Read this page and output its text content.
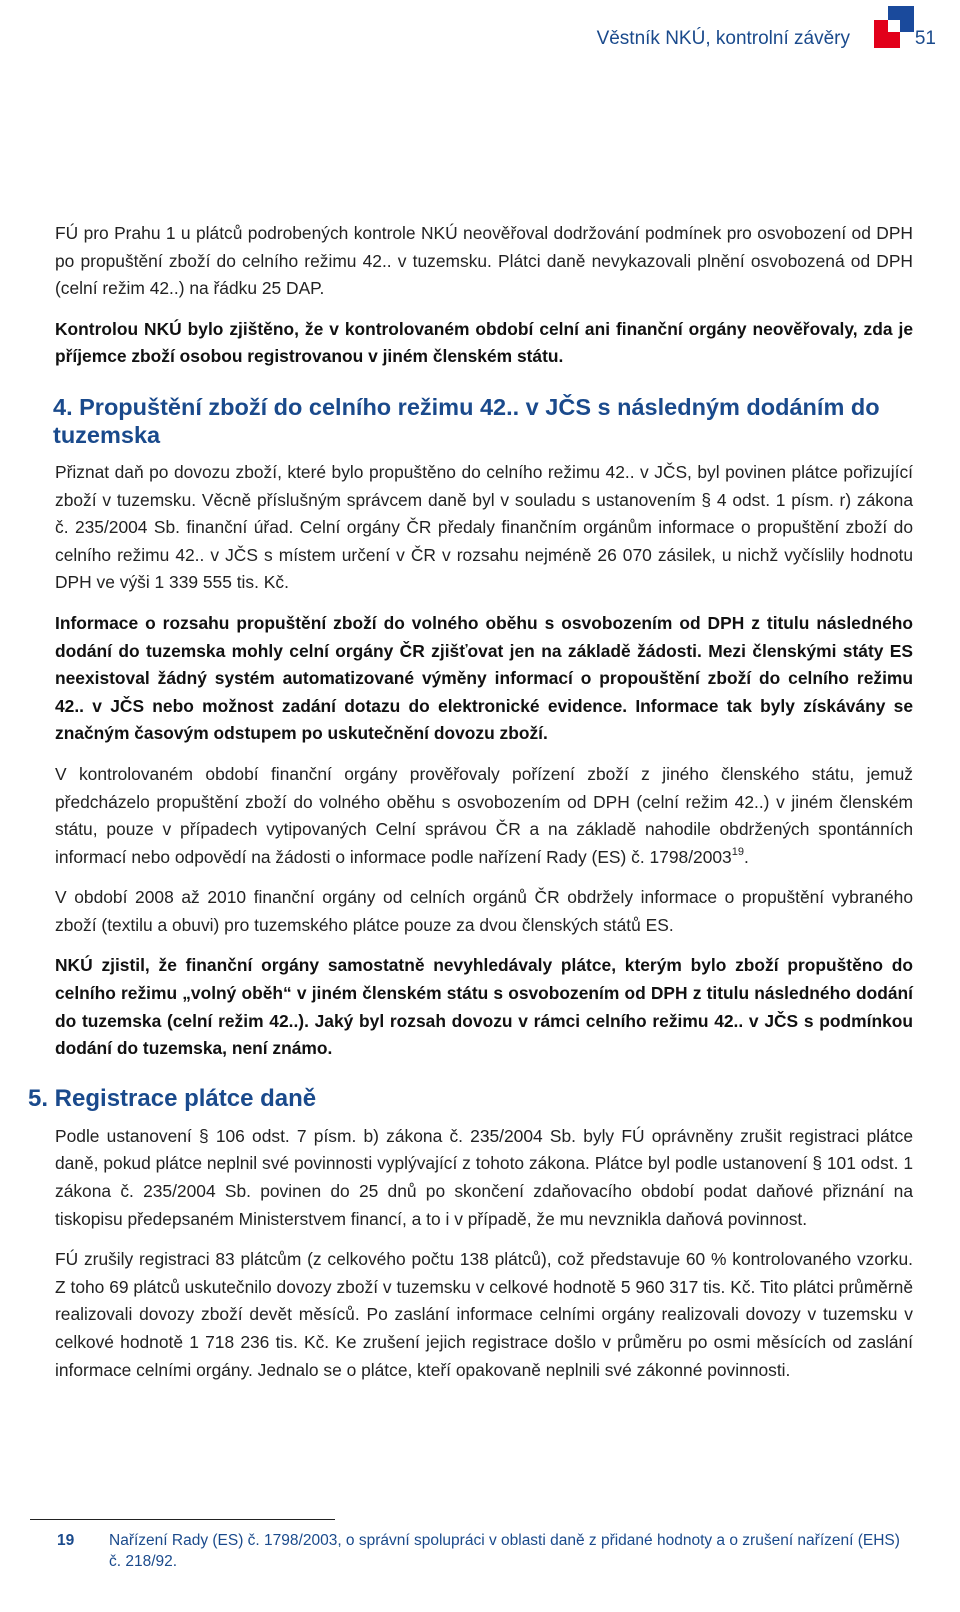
Věstník NKÚ, kontrolní závěry	51

FÚ pro Prahu 1 u plátců podrobených kontrole NKÚ neověřoval dodržování podmínek pro osvobození od DPH po propuštění zboží do celního režimu 42.. v tuzemsku. Plátci daně nevykazovali plnění osvobozená od DPH (celní režim 42..) na řádku 25 DAP.

Kontrolou NKÚ bylo zjištěno, že v kontrolovaném období celní ani finanční orgány neověřovaly, zda je příjemce zboží osobou registrovanou v jiném členském státu.

4. Propuštění zboží do celního režimu 42.. v JČS s následným dodáním do tuzemska

Přiznat daň po dovozu zboží, které bylo propuštěno do celního režimu 42.. v JČS, byl povinen plátce pořizující zboží v tuzemsku. Věcně příslušným správcem daně byl v souladu s ustanovením § 4 odst. 1 písm. r) zákona č. 235/2004 Sb. finanční úřad. Celní orgány ČR předaly finančním orgánům informace o propuštění zboží do celního režimu 42.. v JČS s místem určení v ČR v rozsahu nejméně 26 070 zásilek, u nichž vyčíslily hodnotu DPH ve výši 1 339 555 tis. Kč.

Informace o rozsahu propuštění zboží do volného oběhu s osvobozením od DPH z titulu následného dodání do tuzemska mohly celní orgány ČR zjišťovat jen na základě žádosti. Mezi členskými státy ES neexistoval žádný systém automatizované výměny informací o propouštění zboží do celního režimu 42.. v JČS nebo možnost zadání dotazu do elektronické evidence. Informace tak byly získávány se značným časovým odstupem po uskutečnění dovozu zboží.

V kontrolovaném období finanční orgány prověřovaly pořízení zboží z jiného členského státu, jemuž předcházelo propuštění zboží do volného oběhu s osvobozením od DPH (celní režim 42..) v jiném členském státu, pouze v případech vytipovaných Celní správou ČR a na základě nahodile obdržených spontánních informací nebo odpovědí na žádosti o informace podle nařízení Rady (ES) č. 1798/2003$^{19}$.

V období 2008 až 2010 finanční orgány od celních orgánů ČR obdržely informace o propuštění vybraného zboží (textilu a obuvi) pro tuzemského plátce pouze za dvou členských států ES.

NKÚ zjistil, že finanční orgány samostatně nevyhledávaly plátce, kterým bylo zboží propuštěno do celního režimu „volný oběh“ v jiném členském státu s osvobozením od DPH z titulu následného dodání do tuzemska (celní režim 42..). Jaký byl rozsah dovozu v rámci celního režimu 42.. v JČS s podmínkou dodání do tuzemska, není známo.

5. Registrace plátce daně

Podle ustanovení § 106 odst. 7 písm. b) zákona č. 235/2004 Sb. byly FÚ oprávněny zrušit registraci plátce daně, pokud plátce neplnil své povinnosti vyplývající z tohoto zákona. Plátce byl podle ustanovení § 101 odst. 1 zákona č. 235/2004 Sb. povinen do 25 dnů po skončení zdaňovacího období podat daňové přiznání na tiskopisu předepsaném Ministerstvem financí, a to i v případě, že mu nevznikla daňová povinnost.

FÚ zrušily registraci 83 plátcům (z celkového počtu 138 plátců), což představuje 60 % kontrolovaného vzorku. Z toho 69 plátců uskutečnilo dovozy zboží v tuzemsku v celkové hodnotě 5 960 317 tis. Kč. Tito plátci průměrně realizovali dovozy zboží devět měsíců. Po zaslání informace celními orgány realizovali dovozy v tuzemsku v celkové hodnotě 1 718 236 tis. Kč. Ke zrušení jejich registrace došlo v průměru po osmi měsících od zaslání informace celními orgány. Jednalo se o plátce, kteří opakovaně neplnili své zákonné povinnosti.

19 Nařízení Rady (ES) č. 1798/2003, o správní spolupráci v oblasti daně z přidané hodnoty a o zrušení nařízení (EHS) č. 218/92.
